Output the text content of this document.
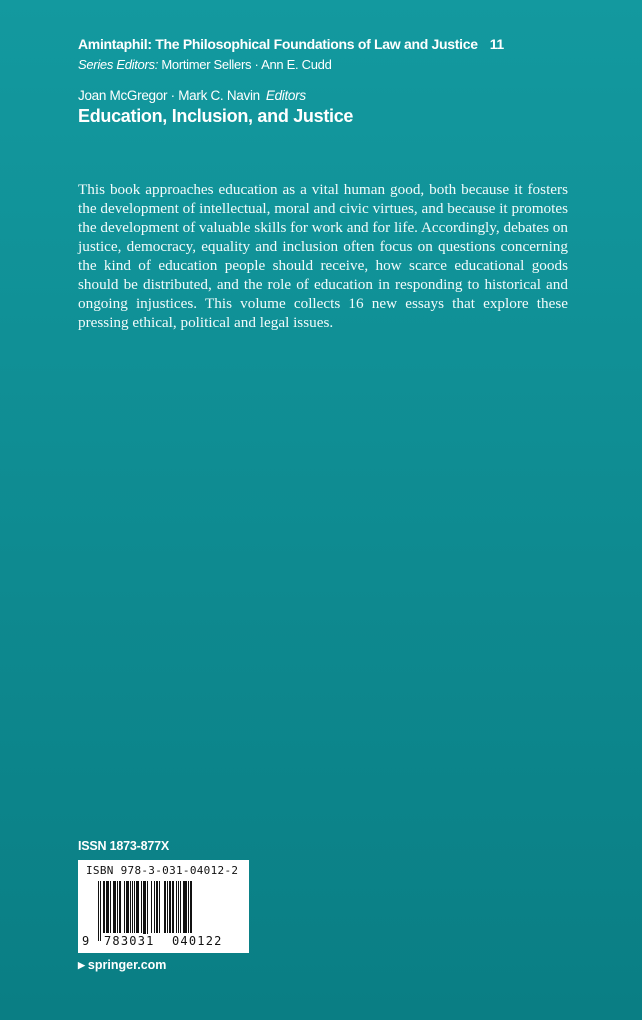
Amintaphil: The Philosophical Foundations of Law and Justice 11
Series Editors: Mortimer Sellers · Ann E. Cudd
Joan McGregor · Mark C. Navin Editors
Education, Inclusion, and Justice

This book approaches education as a vital human good, both because it fosters the development of intellectual, moral and civic virtues, and because it promotes the development of valuable skills for work and for life. Accordingly, debates on justice, democracy, equality and inclusion often focus on questions concerning the kind of education people should receive, how scarce educational goods should be distributed, and the role of education in responding to historical and ongoing injustices. This volume collects 16 new essays that explore these pressing ethical, political and legal issues.

ISSN 1873-877X
ISBN 978-3-031-04012-2
9 783031 040122
▶ springer.com
